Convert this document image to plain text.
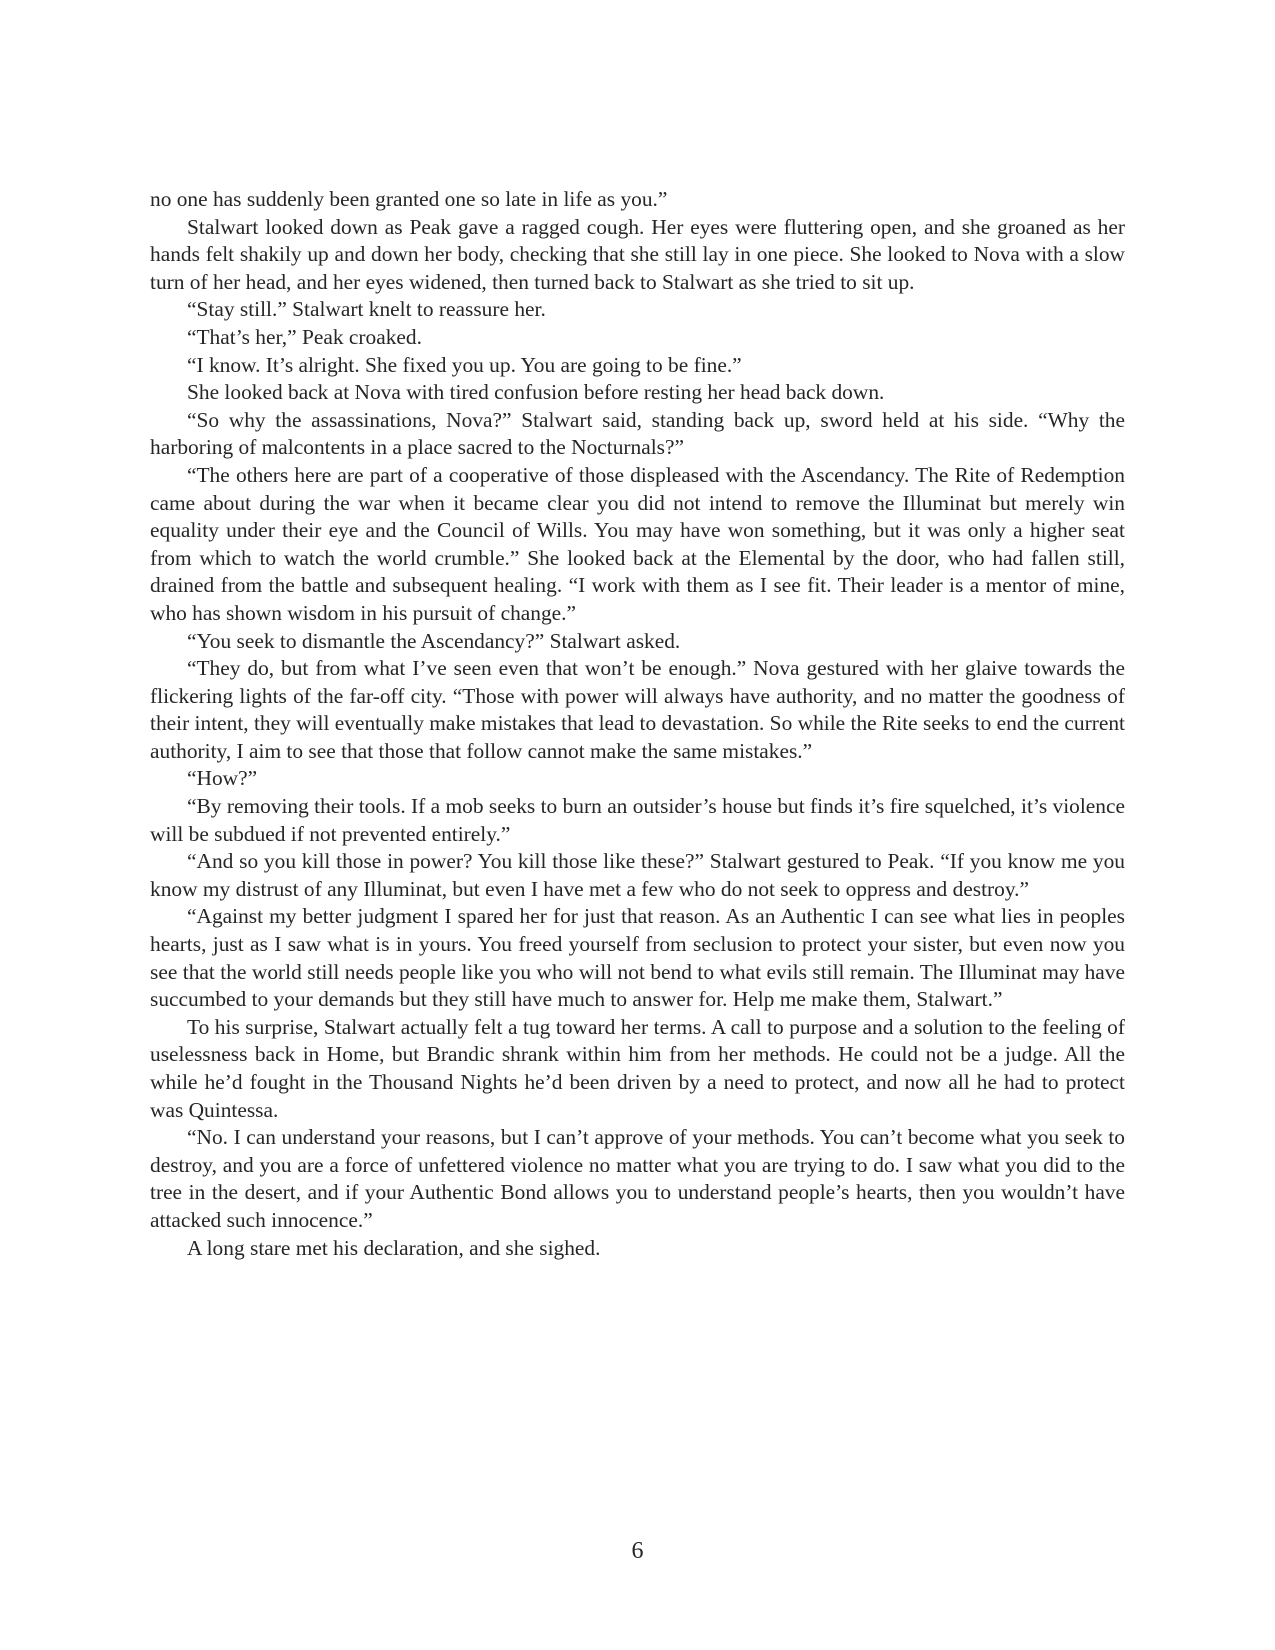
no one has suddenly been granted one so late in life as you.”

Stalwart looked down as Peak gave a ragged cough. Her eyes were fluttering open, and she groaned as her hands felt shakily up and down her body, checking that she still lay in one piece. She looked to Nova with a slow turn of her head, and her eyes widened, then turned back to Stalwart as she tried to sit up.

“Stay still.” Stalwart knelt to reassure her.

“That’s her,” Peak croaked.

“I know. It’s alright. She fixed you up. You are going to be fine.”

She looked back at Nova with tired confusion before resting her head back down.

“So why the assassinations, Nova?” Stalwart said, standing back up, sword held at his side. “Why the harboring of malcontents in a place sacred to the Nocturnals?”

“The others here are part of a cooperative of those displeased with the Ascendancy. The Rite of Redemption came about during the war when it became clear you did not intend to remove the Illuminat but merely win equality under their eye and the Council of Wills. You may have won something, but it was only a higher seat from which to watch the world crumble.” She looked back at the Elemental by the door, who had fallen still, drained from the battle and subsequent healing. “I work with them as I see fit. Their leader is a mentor of mine, who has shown wisdom in his pursuit of change.”

“You seek to dismantle the Ascendancy?” Stalwart asked.

“They do, but from what I’ve seen even that won’t be enough.” Nova gestured with her glaive towards the flickering lights of the far-off city. “Those with power will always have authority, and no matter the goodness of their intent, they will eventually make mistakes that lead to devastation. So while the Rite seeks to end the current authority, I aim to see that those that follow cannot make the same mistakes.”

“How?”

“By removing their tools. If a mob seeks to burn an outsider’s house but finds it’s fire squelched, it’s violence will be subdued if not prevented entirely.”

“And so you kill those in power? You kill those like these?” Stalwart gestured to Peak. “If you know me you know my distrust of any Illuminat, but even I have met a few who do not seek to oppress and destroy.”

“Against my better judgment I spared her for just that reason. As an Authentic I can see what lies in peoples hearts, just as I saw what is in yours. You freed yourself from seclusion to protect your sister, but even now you see that the world still needs people like you who will not bend to what evils still remain. The Illuminat may have succumbed to your demands but they still have much to answer for. Help me make them, Stalwart.”

To his surprise, Stalwart actually felt a tug toward her terms. A call to purpose and a solution to the feeling of uselessness back in Home, but Brandic shrank within him from her methods. He could not be a judge. All the while he’d fought in the Thousand Nights he’d been driven by a need to protect, and now all he had to protect was Quintessa.

“No. I can understand your reasons, but I can’t approve of your methods. You can’t become what you seek to destroy, and you are a force of unfettered violence no matter what you are trying to do. I saw what you did to the tree in the desert, and if your Authentic Bond allows you to understand people’s hearts, then you wouldn’t have attacked such innocence.”

A long stare met his declaration, and she sighed.

6
